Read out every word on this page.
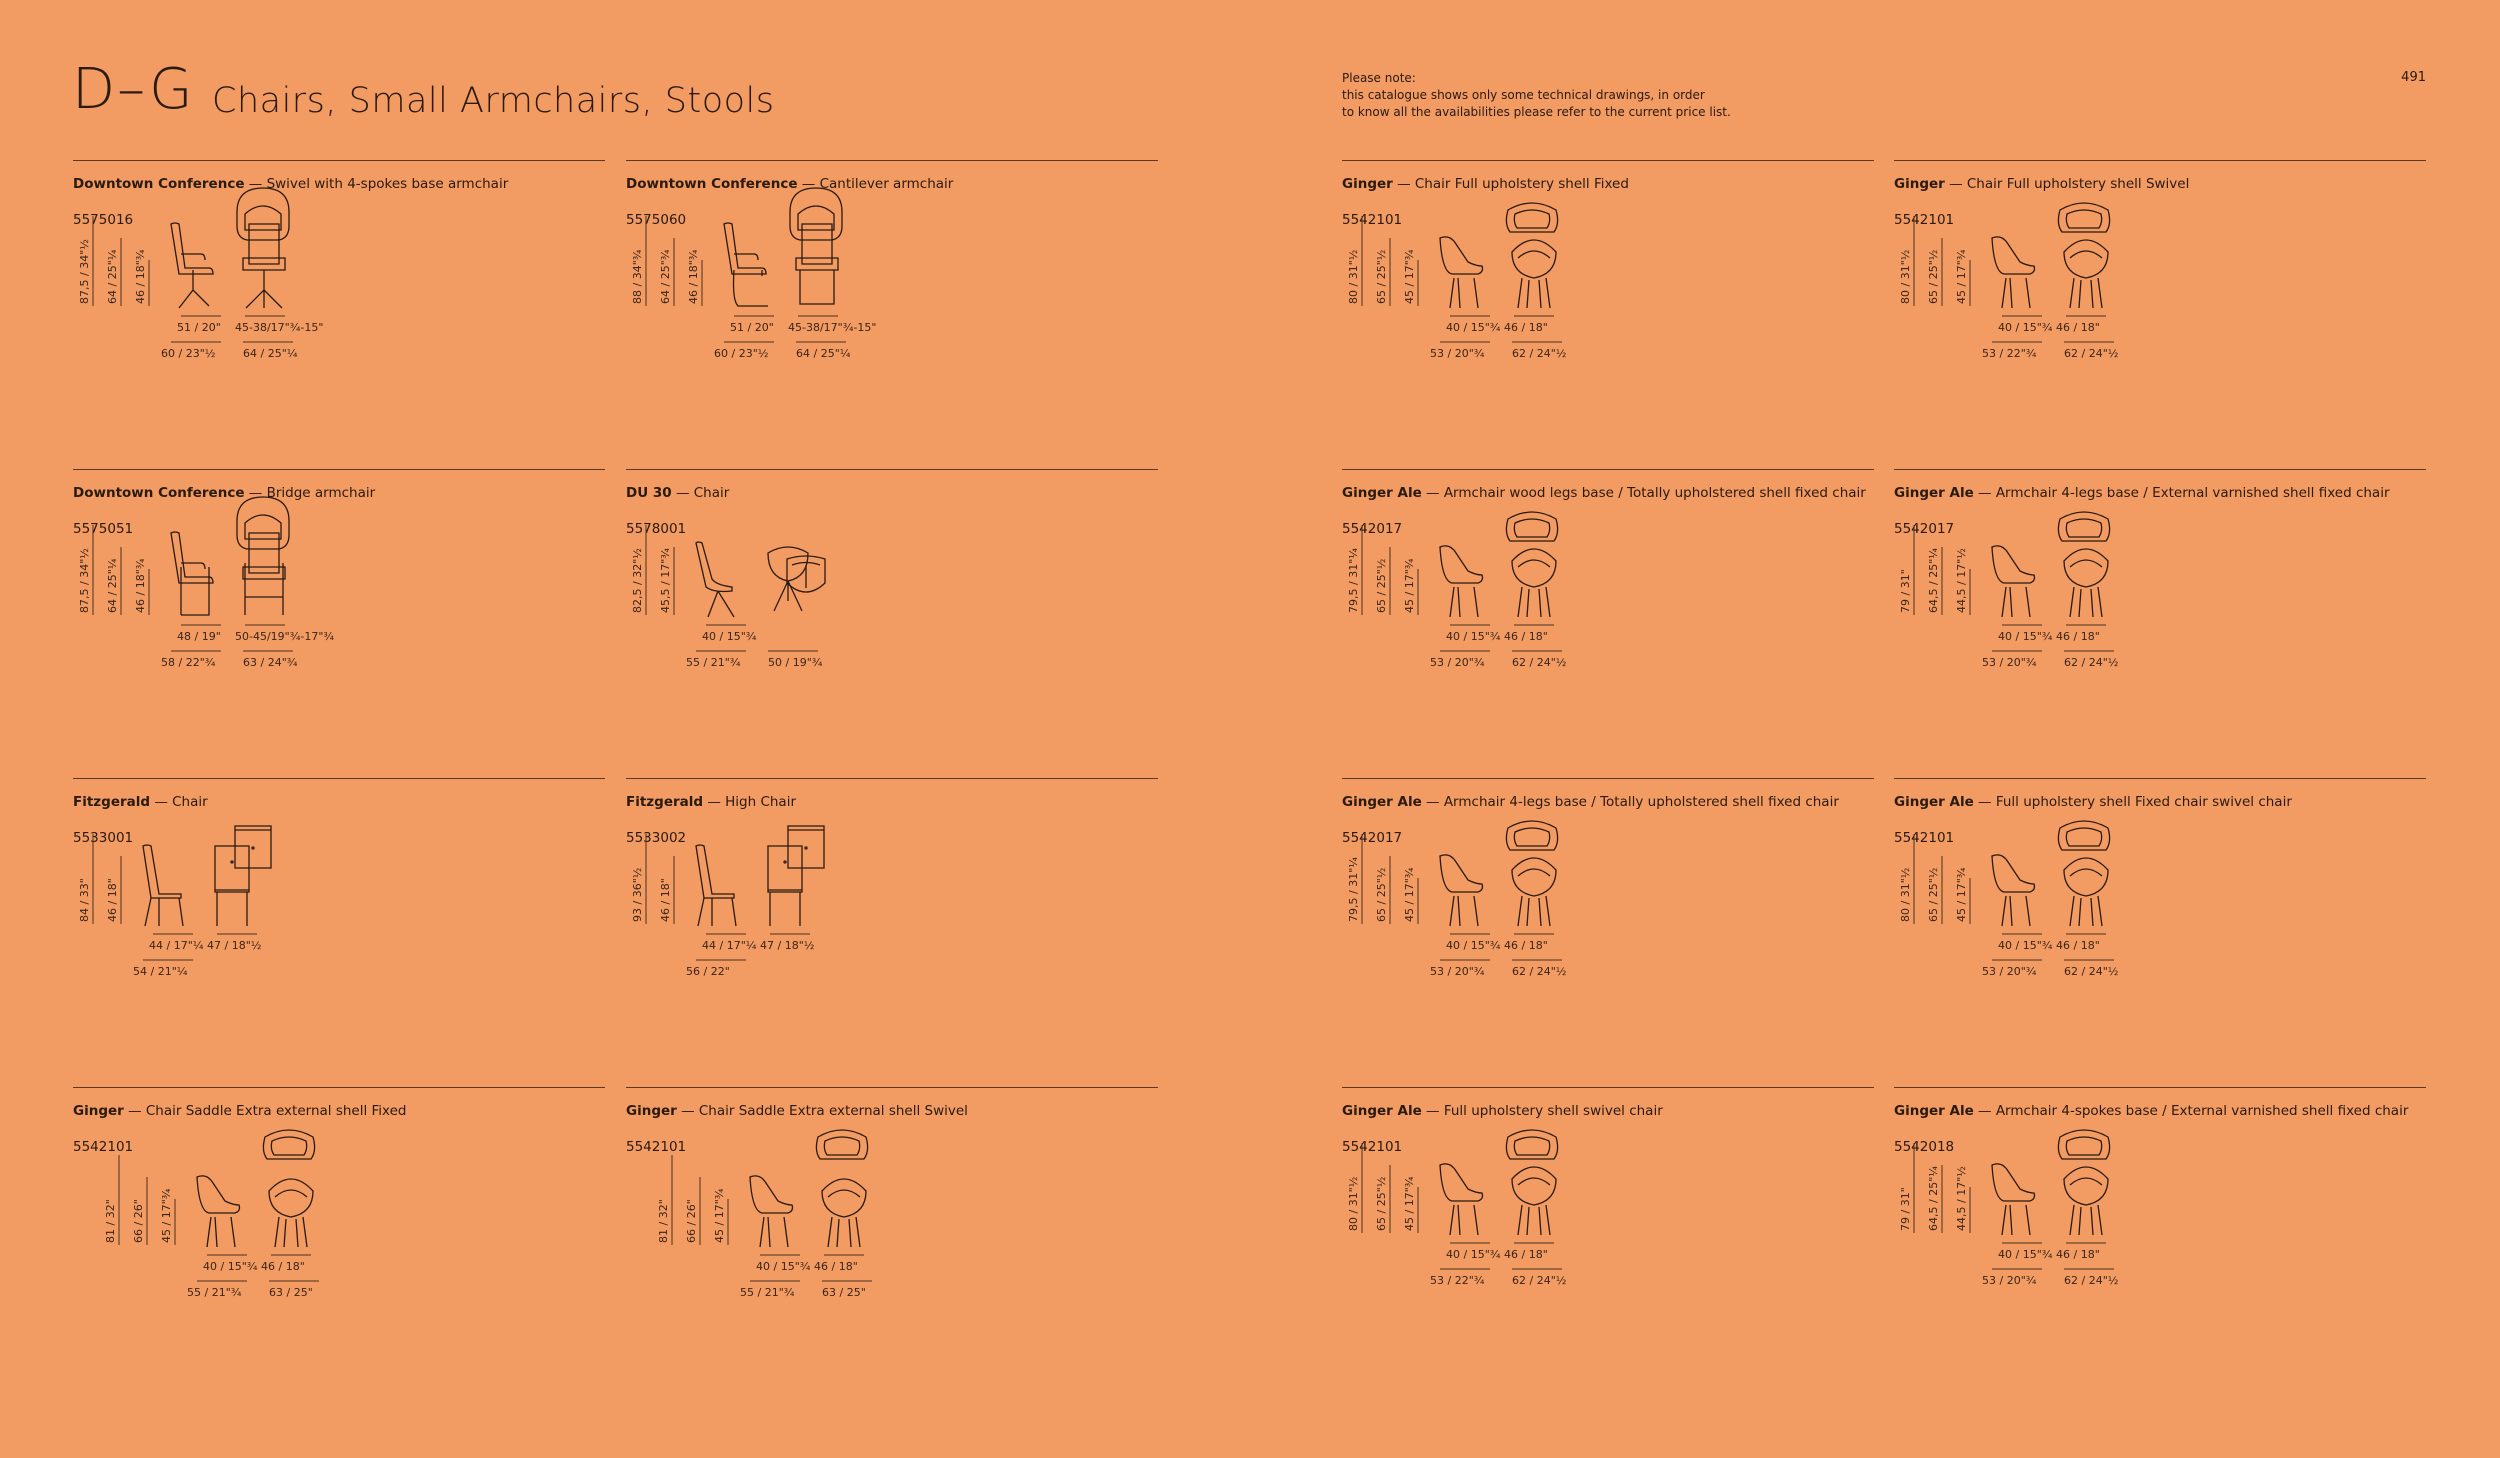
D–G Chairs, Small Armchairs, Stools
Please note:
this catalogue shows only some technical drawings, in order
to know all the availabilities please refer to the current price list.
491
Downtown Conference — Swivel with 4-spokes base armchair
5575016
87,5 / 34"½ 64 / 25"¼ 46 / 18"¾
51 / 20" 45-38/17"¾-15"
60 / 23"½	64 / 25"¼
Downtown Conference — Cantilever armchair
5575060
88 / 34"¾ 64 / 25"¾ 46 / 18"¾
51 / 20" 45-38/17"¾-15"
60 / 23"½	64 / 25"¼
Ginger — Chair Full upholstery shell Fixed
5542101
80 / 31"½ 65 / 25"½ 45 / 17"¾
40 / 15"¾ 46 / 18"
53 / 20"¾	62 / 24"½
Ginger — Chair Full upholstery shell Swivel
5542101
80 / 31"½ 65 / 25"½ 45 / 17"¾
40 / 15"¾ 46 / 18"
53 / 22"¾	62 / 24"½
Downtown Conference — Bridge armchair
5575051
87,5 / 34"½ 64 / 25"¼ 46 / 18"¾
48 / 19" 50-45/19"¾-17"¾
58 / 22"¾	63 / 24"¾
DU 30 — Chair
5578001
82,5 / 32"½ 45,5 / 17"¾
40 / 15"¾
55 / 21"¾	50 / 19"¾
Ginger Ale — Armchair wood legs base / Totally upholstered shell fixed chair
5542017
79,5 / 31"¼ 65 / 25"½ 45 / 17"¾
40 / 15"¾ 46 / 18"
53 / 20"¾	62 / 24"½
Ginger Ale — Armchair 4-legs base / External varnished shell fixed chair
5542017
79 / 31" 64,5 / 25"¼ 44,5 / 17"½
40 / 15"¾ 46 / 18"
53 / 20"¾	62 / 24"½
Fitzgerald — Chair
5533001
84 / 33" 46 / 18"
44 / 17"¼ 47 / 18"½
54 / 21"¼
Fitzgerald — High Chair
5533002
93 / 36"½ 46 / 18"
44 / 17"¼ 47 / 18"½
56 / 22"
Ginger Ale — Armchair 4-legs base / Totally upholstered shell fixed chair
5542017
79,5 / 31"¼ 65 / 25"½ 45 / 17"¾
40 / 15"¾ 46 / 18"
53 / 20"¾	62 / 24"½
Ginger Ale — Full upholstery shell Fixed chair swivel chair
5542101
80 / 31"½ 65 / 25"½ 45 / 17"¾
40 / 15"¾ 46 / 18"
53 / 20"¾	62 / 24"½
Ginger — Chair Saddle Extra external shell Fixed
5542101
81 / 32" 66 / 26" 45 / 17"¾
40 / 15"¾ 46 / 18"
55 / 21"¾	63 / 25"
Ginger — Chair Saddle Extra external shell Swivel
5542101
81 / 32" 66 / 26" 45 / 17"¾
40 / 15"¾ 46 / 18"
55 / 21"¾	63 / 25"
Ginger Ale — Full upholstery shell swivel chair
5542101
80 / 31"½ 65 / 25"½ 45 / 17"¾
40 / 15"¾ 46 / 18"
53 / 22"¾	62 / 24"½
Ginger Ale — Armchair 4-spokes base / External varnished shell fixed chair
5542018
79 / 31" 64,5 / 25"¼ 44,5 / 17"½
40 / 15"¾ 46 / 18"
53 / 20"¾	62 / 24"½
